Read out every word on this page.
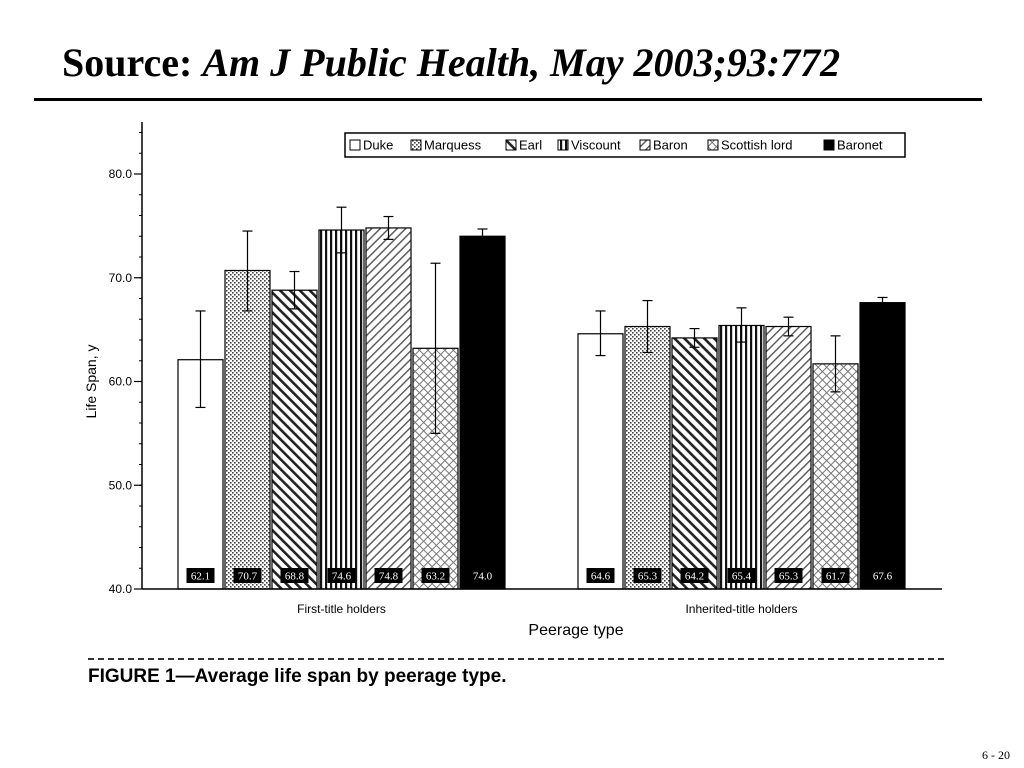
Source: Am J Public Health, May 2003;93:772
62.1	70.7	68.8	74.6	74.8	63.2	74.0	64.6	65.3	64.2	65.4	65.3	61.7	67.6
40.0
50.0
60.0
70.0
80.0
Life Span, y
First-title holders	Inherited-title holders
Peerage type
Duke Marquess	Earl Viscount Baron	Scottish lord	Baronet

FIGURE 1—Average life span by peerage type.

6 - 20
